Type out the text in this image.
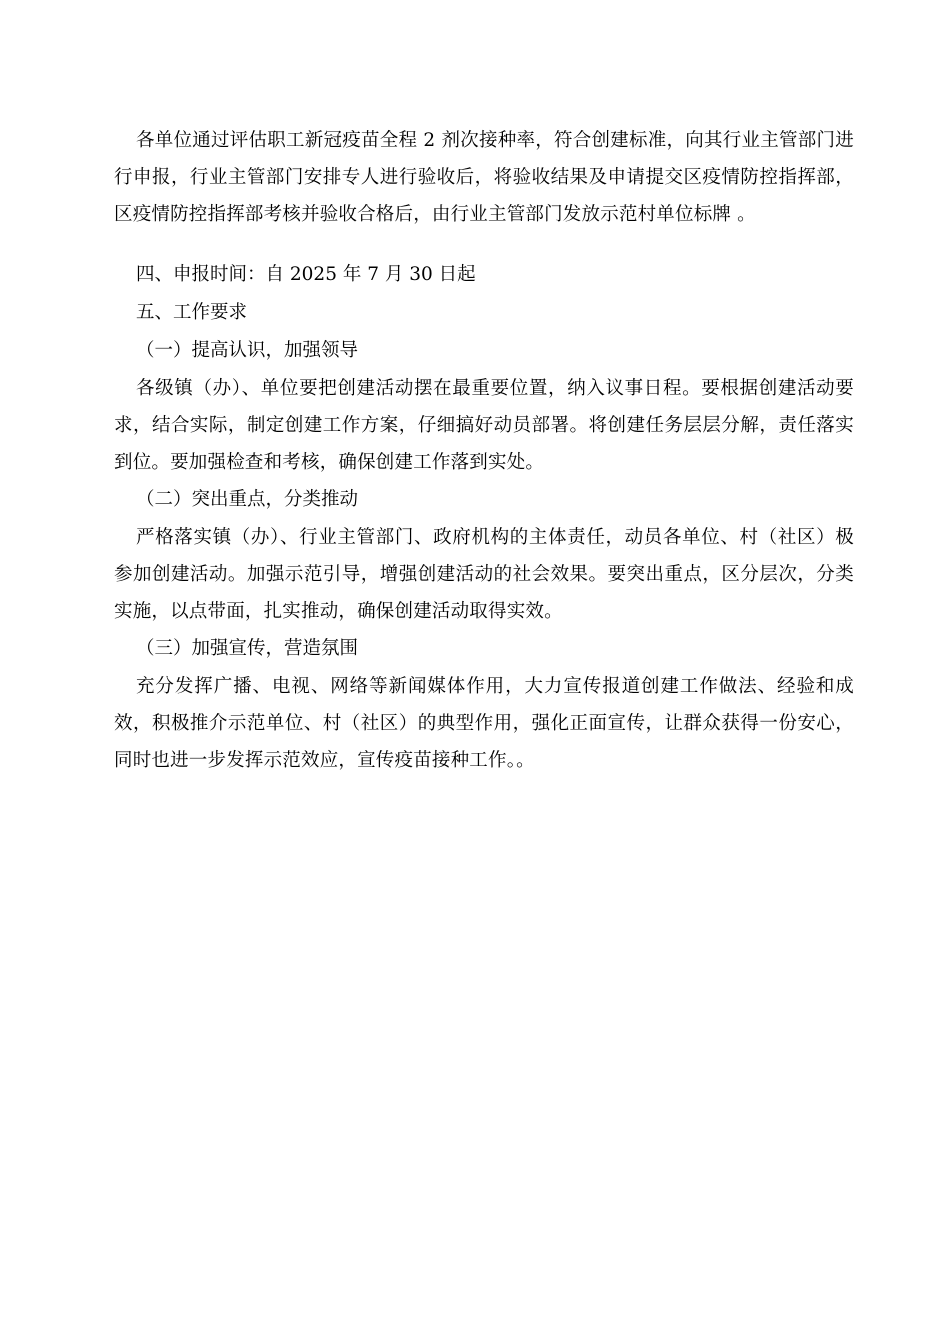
各单位通过评估职工新冠疫苗全程 2 剂次接种率，符合创建标准，向其行业主管部门进行申报，行业主管部门安排专人进行验收后，将验收结果及申请提交区疫情防控指挥部，区疫情防控指挥部考核并验收合格后，由行业主管部门发放示范村单位标牌 。

四、申报时间：自 2025 年 7 月 30 日起

五、工作要求

（一）提高认识，加强领导

各级镇（办）、单位要把创建活动摆在最重要位置，纳入议事日程。要根据创建活动要求，结合实际，制定创建工作方案，仔细搞好动员部署。将创建任务层层分解，责任落实到位。要加强检查和考核，确保创建工作落到实处。

（二）突出重点，分类推动

严格落实镇（办）、行业主管部门、政府机构的主体责任，动员各单位、村（社区）极参加创建活动。加强示范引导，增强创建活动的社会效果。要突出重点，区分层次，分类实施，以点带面，扎实推动，确保创建活动取得实效。

（三）加强宣传，营造氛围

充分发挥广播、电视、网络等新闻媒体作用，大力宣传报道创建工作做法、经验和成效，积极推介示范单位、村（社区）的典型作用，强化正面宣传，让群众获得一份安心，同时也进一步发挥示范效应，宣传疫苗接种工作。。
